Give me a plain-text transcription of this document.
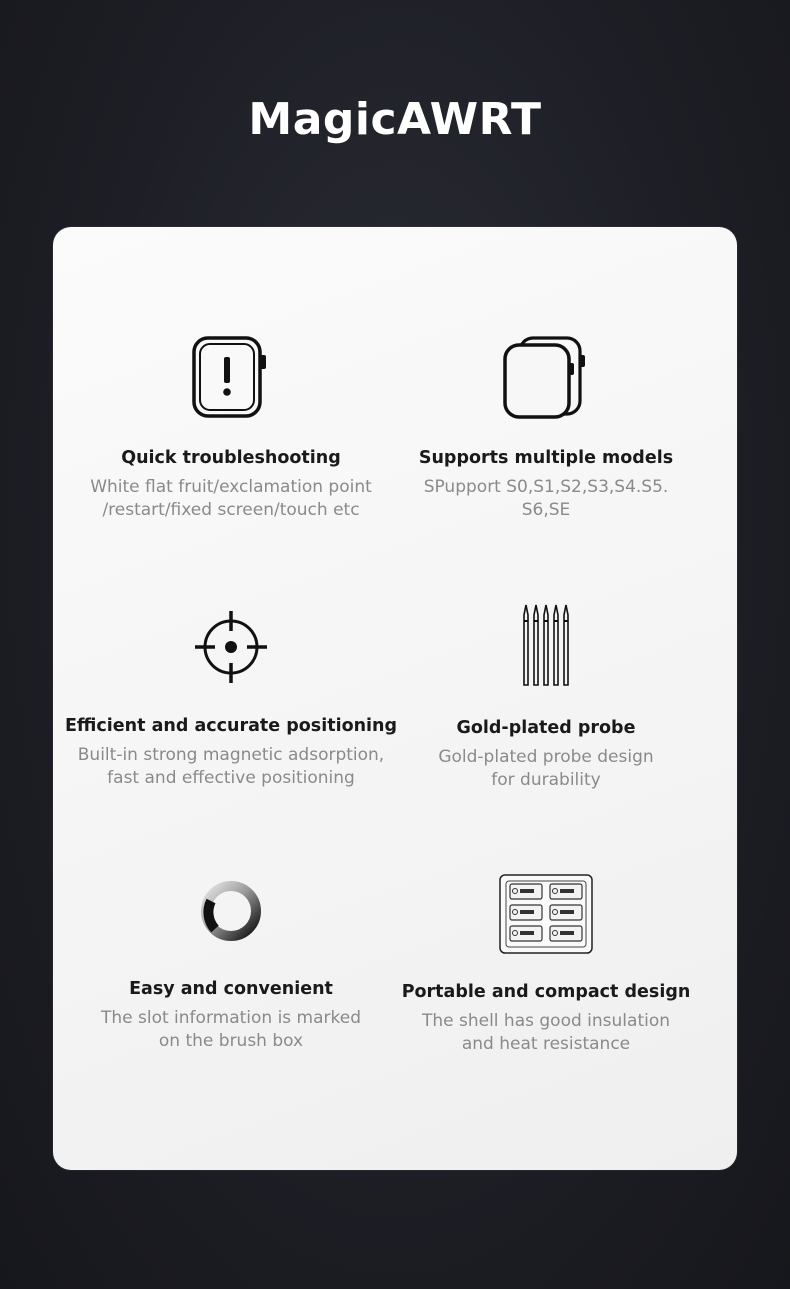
MagicAWRT

Quick troubleshooting

White flat fruit/exclamation point
/restart/fixed screen/touch etc

Supports multiple models

SPupport S0,S1,S2,S3,S4.S5.
S6,SE

Efficient and accurate positioning

Built-in strong magnetic adsorption,
fast and effective positioning

Gold-plated probe

Gold-plated probe design
for durability

Easy and convenient

The slot information is marked
on the brush box

Portable and compact design

The shell has good insulation
and heat resistance
